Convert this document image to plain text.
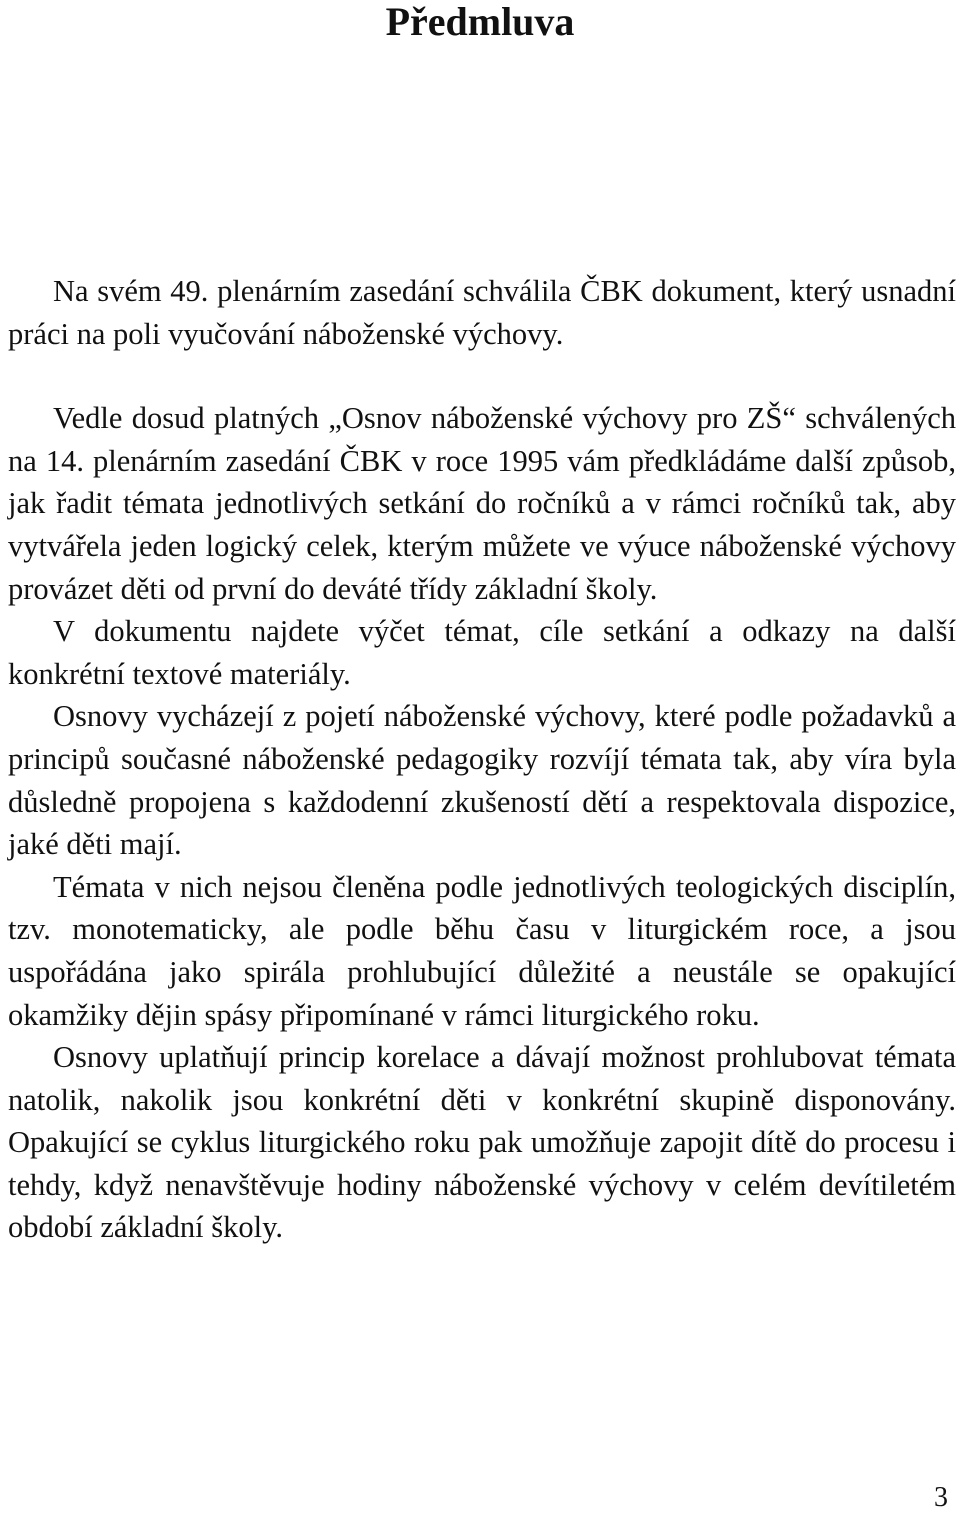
Předmluva

Na svém 49. plenárním zasedání schválila ČBK dokument, který usnadní práci na poli vyučování náboženské výchovy.

Vedle dosud platných „Osnov náboženské výchovy pro ZŠ“ schválených na 14. plenárním zasedání ČBK v roce 1995 vám předkládáme další způsob, jak řadit témata jednotlivých setkání do ročníků a v rámci ročníků tak, aby vytvářela jeden logický celek, kterým můžete ve výuce náboženské výchovy provázet děti od první do deváté třídy základní školy.

V dokumentu najdete výčet témat, cíle setkání a odkazy na další konkrétní textové materiály.

Osnovy vycházejí z pojetí náboženské výchovy, které podle požadavků a principů současné náboženské pedagogiky rozvíjí témata tak, aby víra byla důsledně propojena s každodenní zkušeností dětí a respektovala dispozice, jaké děti mají.

Témata v nich nejsou členěna podle jednotlivých teologických disciplín, tzv. monotematicky, ale podle běhu času v liturgickém roce, a jsou uspořádána jako spirála prohlubující důležité a neustále se opakující okamžiky dějin spásy připomínané v rámci liturgického roku.

Osnovy uplatňují princip korelace a dávají možnost prohlubovat témata natolik, nakolik jsou konkrétní děti v konkrétní skupině disponovány. Opakující se cyklus liturgického roku pak umožňuje zapojit dítě do procesu i tehdy, když nenavštěvuje hodiny náboženské výchovy v celém devítiletém období základní školy.

3
